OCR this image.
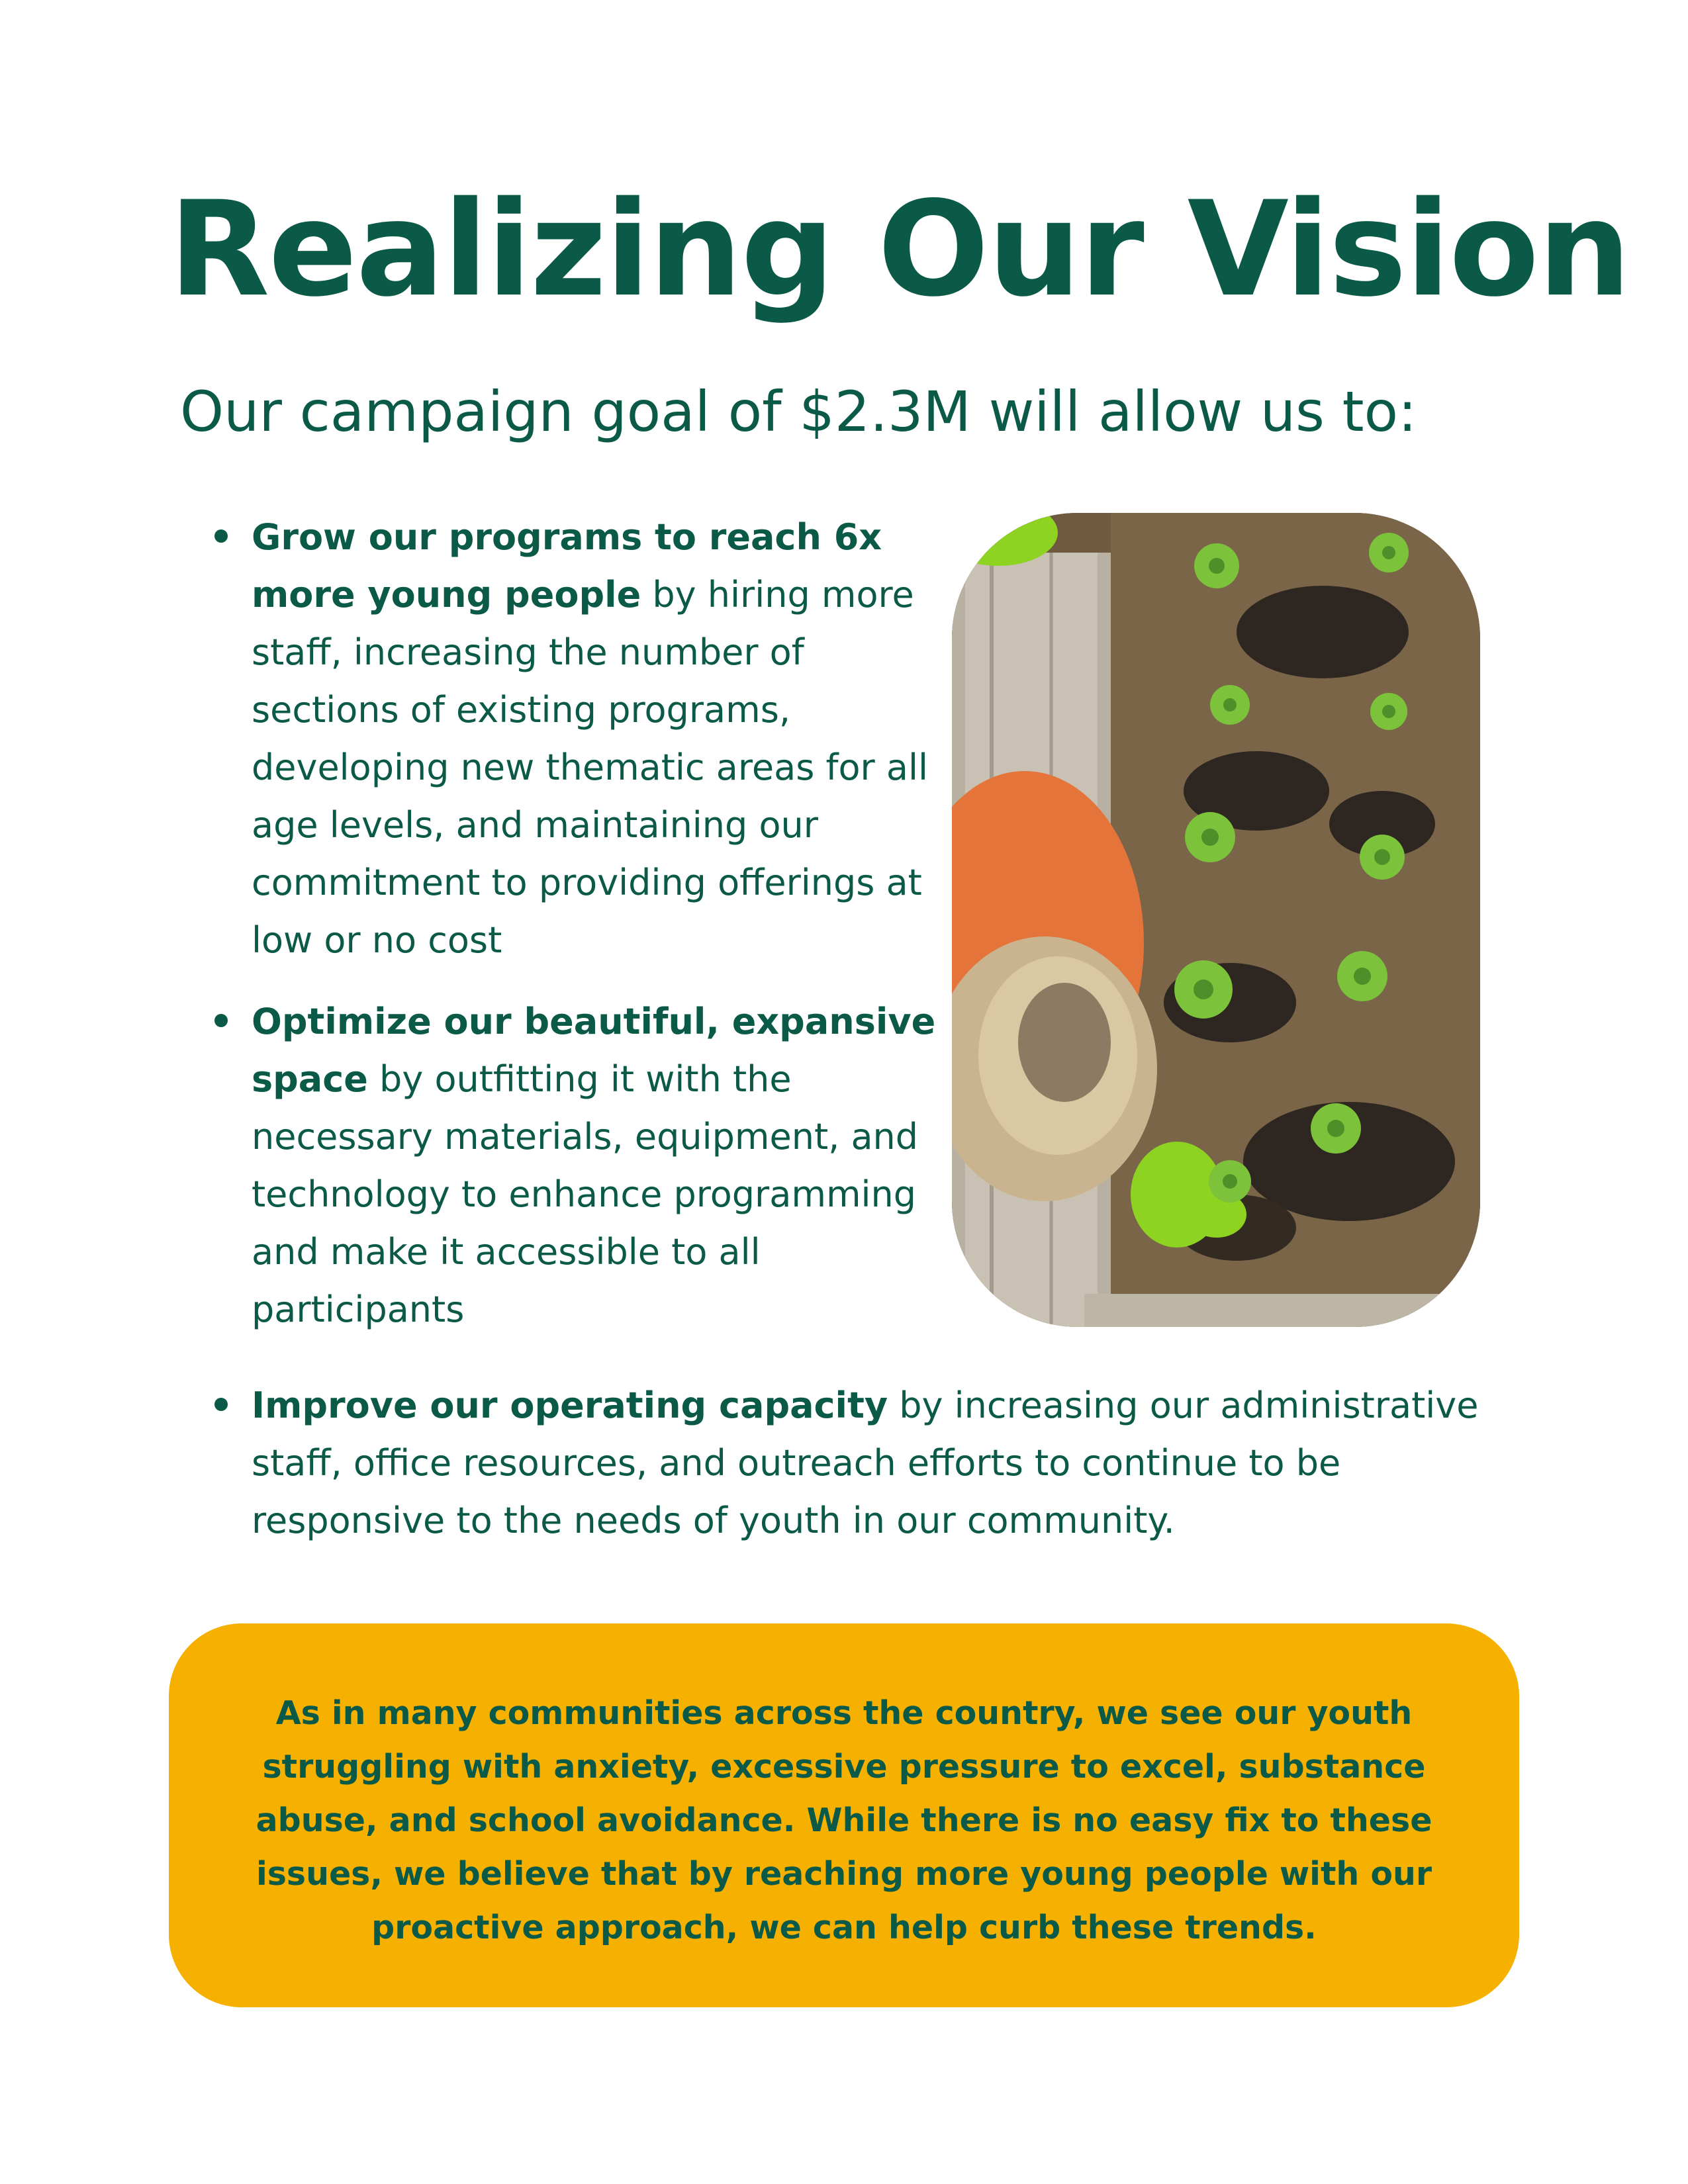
Realizing Our Vision
Our campaign goal of $2.3M will allow us to:
Grow our programs to reach 6x more young people by hiring more staff, increasing the number of sections of existing programs, developing new thematic areas for all age levels, and maintaining our commitment to providing offerings at low or no cost
Optimize our beautiful, expansive space by outfitting it with the necessary materials, equipment, and technology to enhance programming and make it accessible to all participants
Improve our operating capacity by increasing our administrative staff, office resources, and outreach efforts to continue to be responsive to the needs of youth in our community.

As in many communities across the country, we see our youth struggling with anxiety, excessive pressure to excel, substance abuse, and school avoidance. While there is no easy fix to these issues, we believe that by reaching more young people with our proactive approach, we can help curb these trends.
